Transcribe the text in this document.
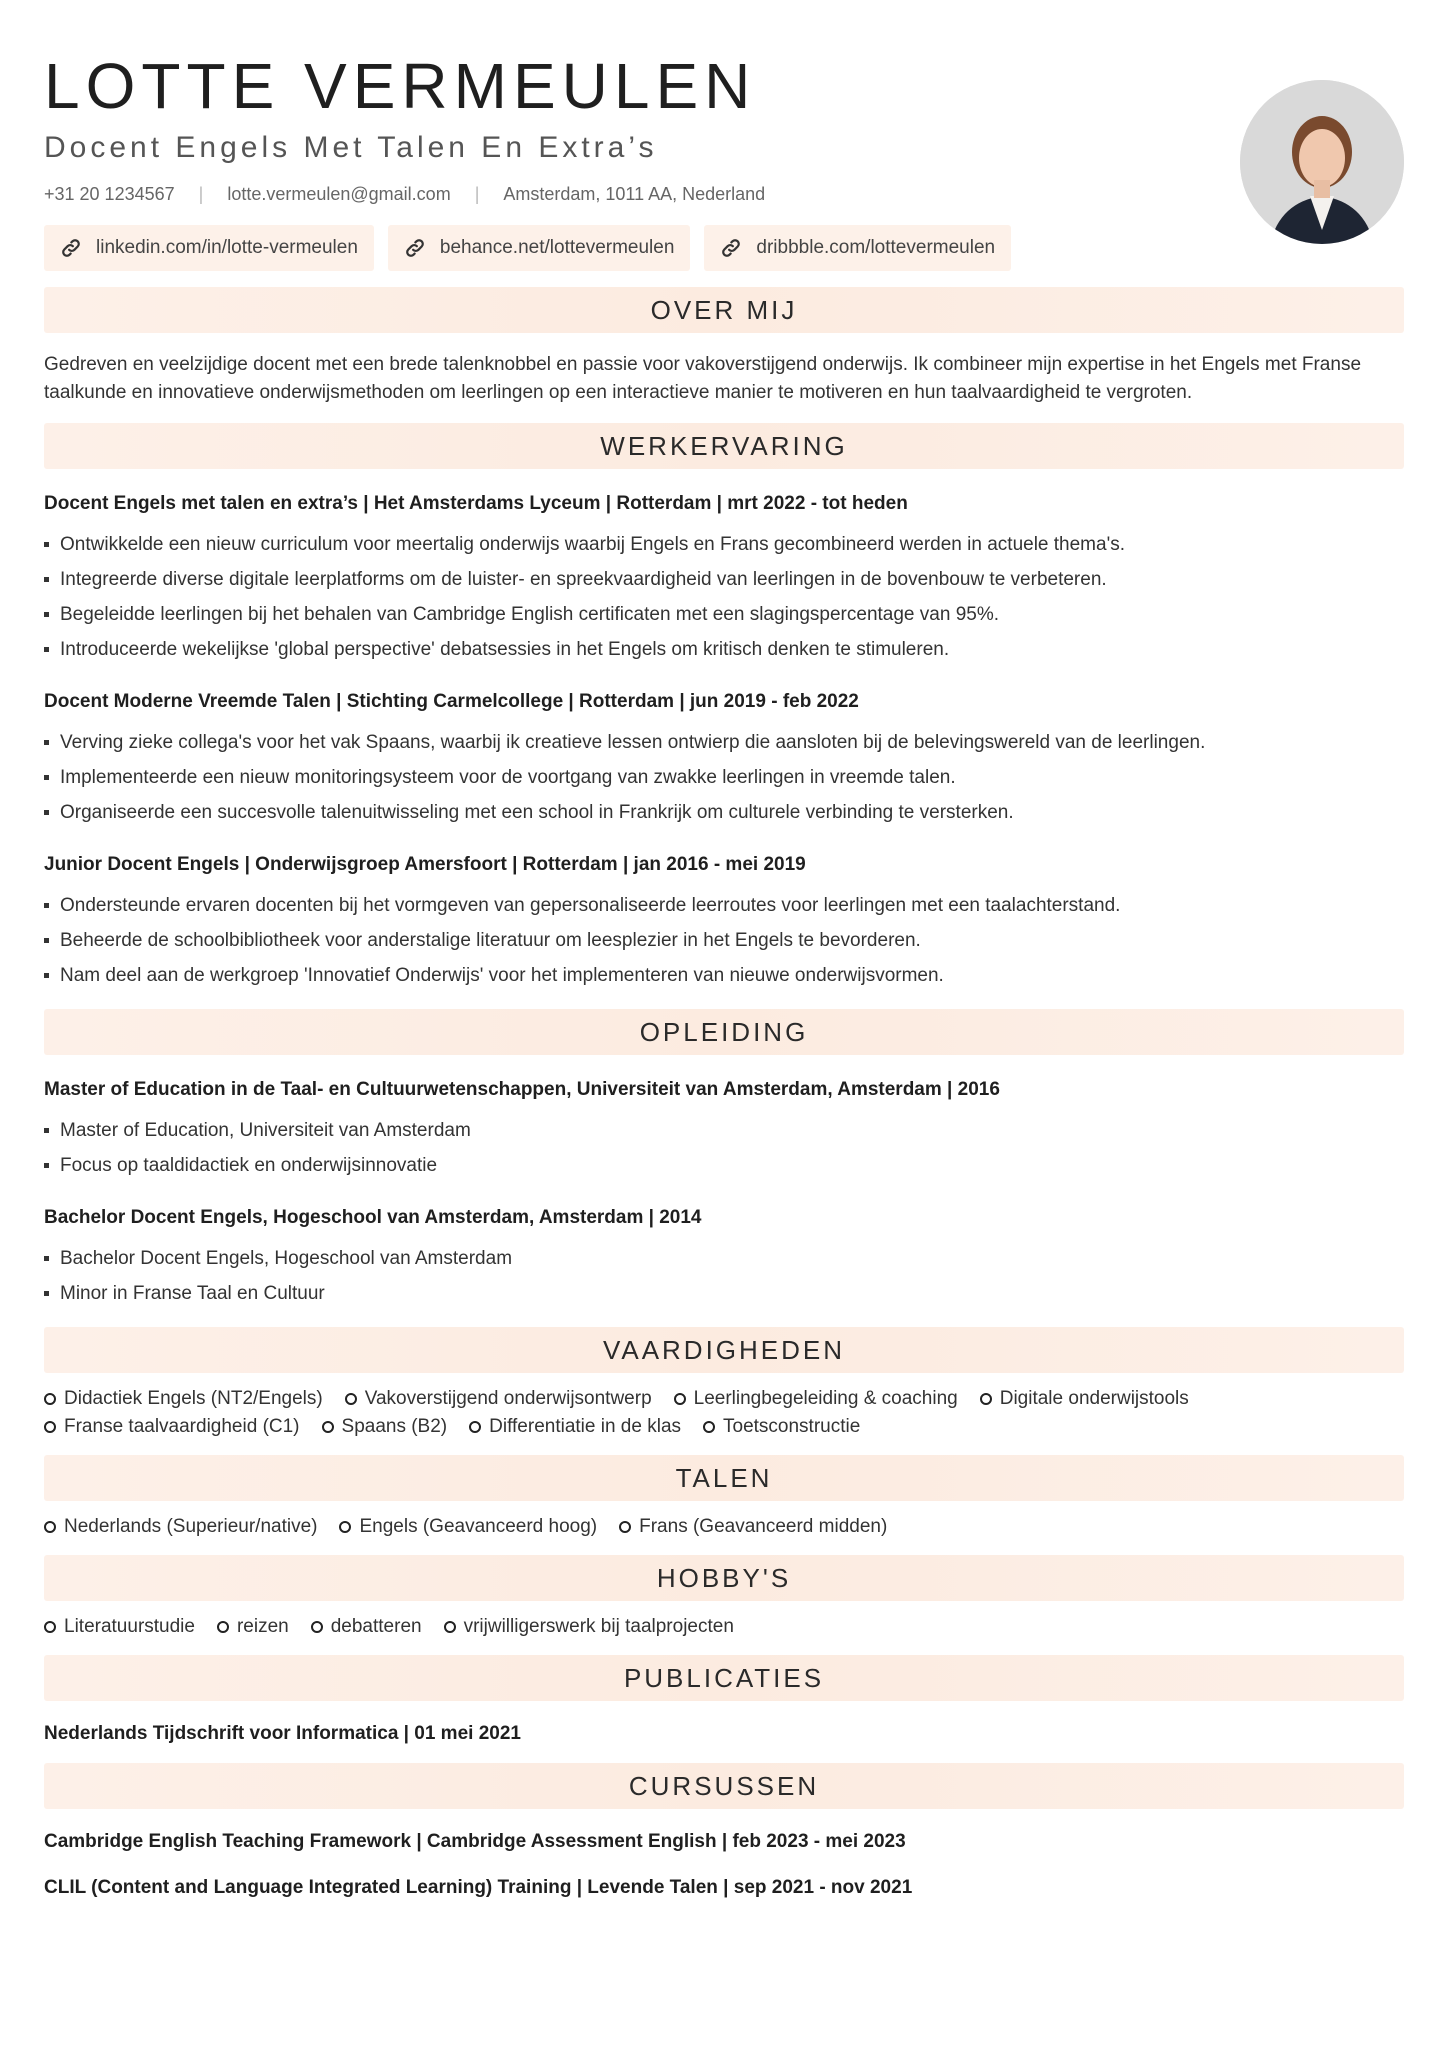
LOTTE VERMEULEN
Docent Engels Met Talen En Extra’s
+31 20 1234567 | lotte.vermeulen@gmail.com | Amsterdam, 1011 AA, Nederland
linkedin.com/in/lotte-vermeulen	behance.net/lottevermeulen	dribbble.com/lottevermeulen
OVER MIJ

Gedreven en veelzijdige docent met een brede talenknobbel en passie voor vakoverstijgend onderwijs. Ik combineer mijn expertise in het Engels met Franse taalkunde en innovatieve onderwijsmethoden om leerlingen op een interactieve manier te motiveren en hun taalvaardigheid te vergroten.

WERKERVARING
Docent Engels met talen en extra’s | Het Amsterdams Lyceum | Rotterdam | mrt 2022 - tot heden
Ontwikkelde een nieuw curriculum voor meertalig onderwijs waarbij Engels en Frans gecombineerd werden in actuele thema's.
Integreerde diverse digitale leerplatforms om de luister- en spreekvaardigheid van leerlingen in de bovenbouw te verbeteren.
Begeleidde leerlingen bij het behalen van Cambridge English certificaten met een slagingspercentage van 95%.
Introduceerde wekelijkse 'global perspective' debatsessies in het Engels om kritisch denken te stimuleren.
Docent Moderne Vreemde Talen | Stichting Carmelcollege | Rotterdam | jun 2019 - feb 2022
Verving zieke collega's voor het vak Spaans, waarbij ik creatieve lessen ontwierp die aansloten bij de belevingswereld van de leerlingen.
Implementeerde een nieuw monitoringsysteem voor de voortgang van zwakke leerlingen in vreemde talen.
Organiseerde een succesvolle talenuitwisseling met een school in Frankrijk om culturele verbinding te versterken.
Junior Docent Engels | Onderwijsgroep Amersfoort | Rotterdam | jan 2016 - mei 2019
Ondersteunde ervaren docenten bij het vormgeven van gepersonaliseerde leerroutes voor leerlingen met een taalachterstand.
Beheerde de schoolbibliotheek voor anderstalige literatuur om leesplezier in het Engels te bevorderen.
Nam deel aan de werkgroep 'Innovatief Onderwijs' voor het implementeren van nieuwe onderwijsvormen.
OPLEIDING
Master of Education in de Taal- en Cultuurwetenschappen, Universiteit van Amsterdam, Amsterdam | 2016
Master of Education, Universiteit van Amsterdam
Focus op taaldidactiek en onderwijsinnovatie
Bachelor Docent Engels, Hogeschool van Amsterdam, Amsterdam | 2014
Bachelor Docent Engels, Hogeschool van Amsterdam
Minor in Franse Taal en Cultuur
VAARDIGHEDEN
Didactiek Engels (NT2/Engels) Vakoverstijgend onderwijsontwerp Leerlingbegeleiding & coaching Digitale onderwijstools
Franse taalvaardigheid (C1) Spaans (B2) Differentiatie in de klas Toetsconstructie
TALEN
Nederlands (Superieur/native) Engels (Geavanceerd hoog) Frans (Geavanceerd midden)
HOBBY'S
Literatuurstudie reizen debatteren vrijwilligerswerk bij taalprojecten
PUBLICATIES
Nederlands Tijdschrift voor Informatica | 01 mei 2021
CURSUSSEN
Cambridge English Teaching Framework | Cambridge Assessment English | feb 2023 - mei 2023
CLIL (Content and Language Integrated Learning) Training | Levende Talen | sep 2021 - nov 2021
